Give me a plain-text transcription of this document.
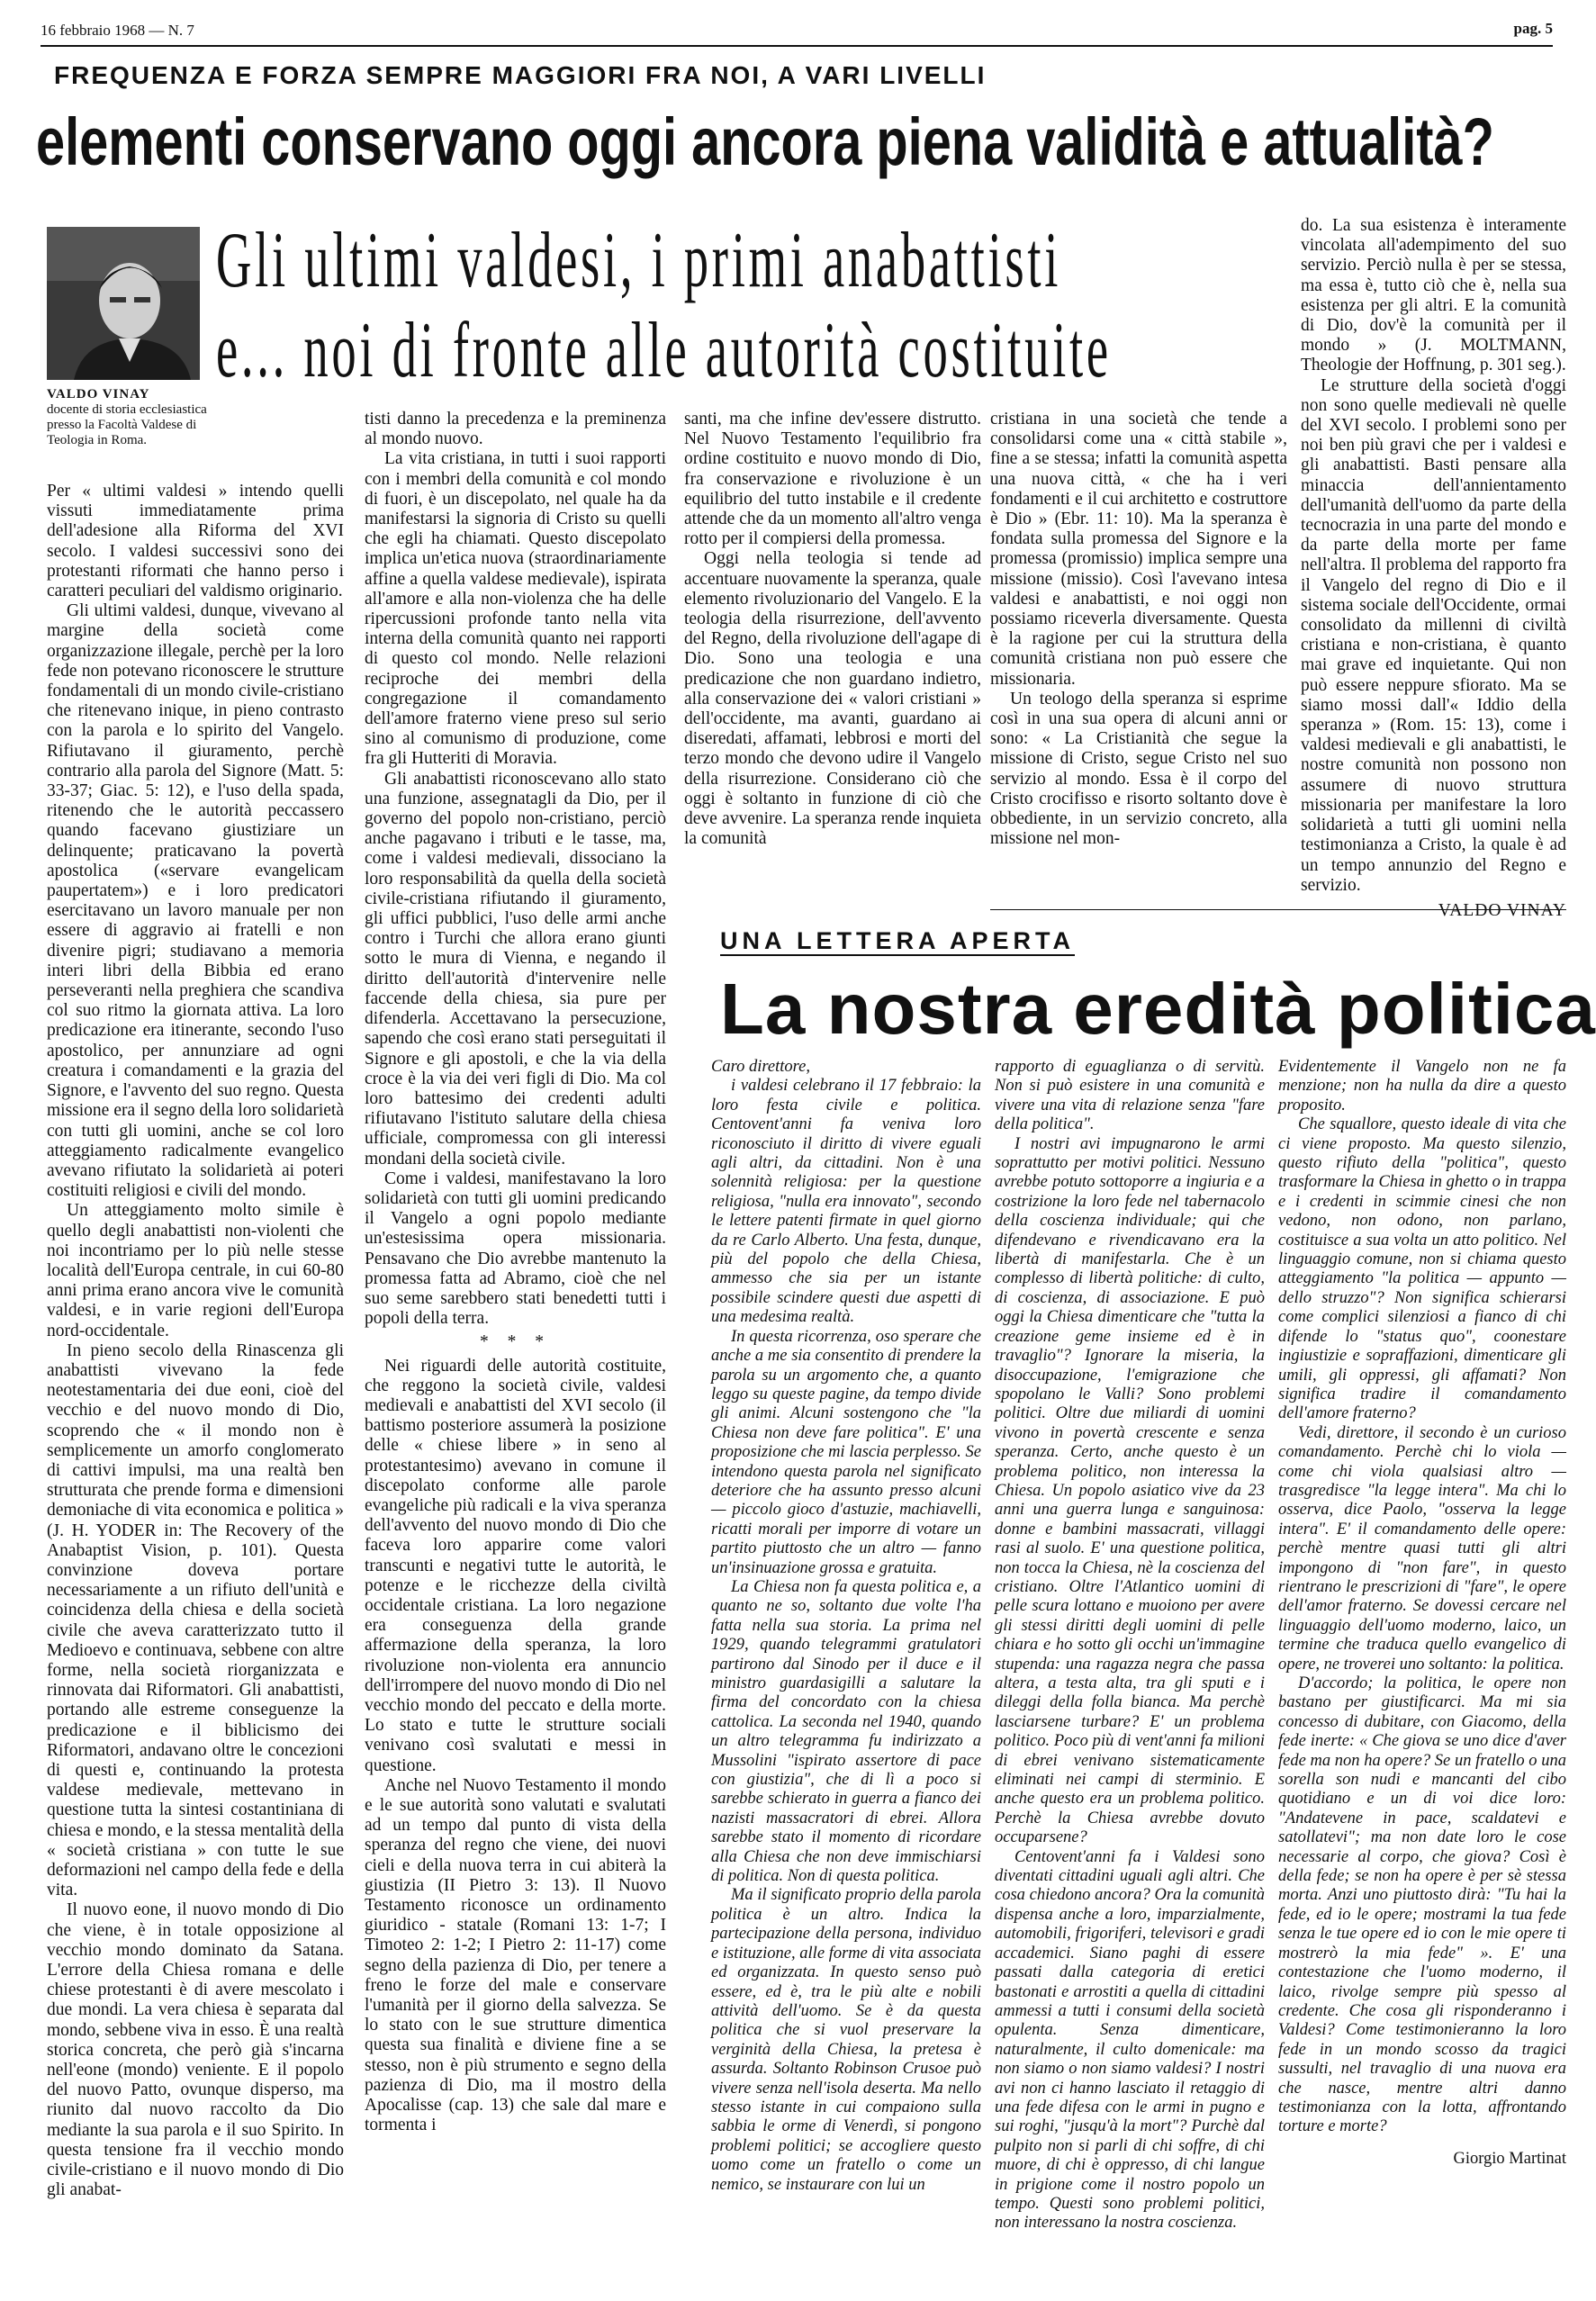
16 febbraio 1968 — N. 7	pag. 5
FREQUENZA E FORZA SEMPRE MAGGIORI FRA NOI, A VARI LIVELLI
elementi conservano oggi ancora piena validità e attualità?
VALDO VINAY
docente di storia ecclesiastica presso la Facoltà Valdese di Teologia in Roma.
Gli ultimi valdesi, i primi anabattisti
e... noi di fronte alle autorità costituite

Per « ultimi valdesi » intendo quelli vissuti immediatamente prima dell'adesione alla Riforma del XVI secolo. I valdesi successivi sono dei protestanti riformati che hanno perso i caratteri peculiari del valdismo originario.

Gli ultimi valdesi, dunque, vivevano al margine della società come organizzazione illegale, perchè per la loro fede non potevano riconoscere le strutture fondamentali di un mondo civile-cristiano che ritenevano inique, in pieno contrasto con la parola e lo spirito del Vangelo. Rifiutavano il giuramento, perchè contrario alla parola del Signore (Matt. 5: 33-37; Giac. 5: 12), e l'uso della spada, ritenendo che le autorità peccassero quando facevano giustiziare un delinquente; praticavano la povertà apostolica («servare evangelicam paupertatem») e i loro predicatori esercitavano un lavoro manuale per non essere di aggravio ai fratelli e non divenire pigri; studiavano a memoria interi libri della Bibbia ed erano perseveranti nella preghiera che scandiva col suo ritmo la giornata attiva. La loro predicazione era itinerante, secondo l'uso apostolico, per annunziare ad ogni creatura i comandamenti e la grazia del Signore, e l'avvento del suo regno. Questa missione era il segno della loro solidarietà con tutti gli uomini, anche se col loro atteggiamento radicalmente evangelico avevano rifiutato la solidarietà ai poteri costituiti religiosi e civili del mondo.

Un atteggiamento molto simile è quello degli anabattisti non-violenti che noi incontriamo per lo più nelle stesse località dell'Europa centrale, in cui 60-80 anni prima erano ancora vive le comunità valdesi, e in varie regioni dell'Europa nord-occidentale.

In pieno secolo della Rinascenza gli anabattisti vivevano la fede neotestamentaria dei due eoni, cioè del vecchio e del nuovo mondo di Dio, scoprendo che « il mondo non è semplicemente un amorfo conglomerato di cattivi impulsi, ma una realtà ben strutturata che prende forma e dimensioni demoniache di vita economica e politica » (J. H. YODER in: The Recovery of the Anabaptist Vision, p. 101). Questa convinzione doveva portare necessariamente a un rifiuto dell'unità e coincidenza della chiesa e della società civile che aveva caratterizzato tutto il Medioevo e continuava, sebbene con altre forme, nella società riorganizzata e rinnovata dai Riformatori. Gli anabattisti, portando alle estreme conseguenze la predicazione e il biblicismo dei Riformatori, andavano oltre le concezioni di questi e, continuando la protesta valdese medievale, mettevano in questione tutta la sintesi costantiniana di chiesa e mondo, e la stessa mentalità della « società cristiana » con tutte le sue deformazioni nel campo della fede e della vita.

Il nuovo eone, il nuovo mondo di Dio che viene, è in totale opposizione al vecchio mondo dominato da Satana. L'errore della Chiesa romana e delle chiese protestanti è di avere mescolato i due mondi. La vera chiesa è separata dal mondo, sebbene viva in esso. È una realtà storica concreta, che però già s'incarna nell'eone (mondo) veniente. E il popolo del nuovo Patto, ovunque disperso, ma riunito dal nuovo raccolto da Dio mediante la sua parola e il suo Spirito. In questa tensione fra il vecchio mondo civile-cristiano e il nuovo mondo di Dio gli anabat-

tisti danno la precedenza e la preminenza al mondo nuovo.

La vita cristiana, in tutti i suoi rapporti con i membri della comunità e col mondo di fuori, è un discepolato, nel quale ha da manifestarsi la signoria di Cristo su quelli che egli ha chiamati. Questo discepolato implica un'etica nuova (straordinariamente affine a quella valdese medievale), ispirata all'amore e alla non-violenza che ha delle ripercussioni profonde tanto nella vita interna della comunità quanto nei rapporti di questo col mondo. Nelle relazioni reciproche dei membri della congregazione il comandamento dell'amore fraterno viene preso sul serio sino al comunismo di produzione, come fra gli Hutteriti di Moravia.

Gli anabattisti riconoscevano allo stato una funzione, assegnatagli da Dio, per il governo del popolo non-cristiano, perciò anche pagavano i tributi e le tasse, ma, come i valdesi medievali, dissociano la loro responsabilità da quella della società civile-cristiana rifiutando il giuramento, gli uffici pubblici, l'uso delle armi anche contro i Turchi che allora erano giunti sotto le mura di Vienna, e negando il diritto dell'autorità d'intervenire nelle faccende della chiesa, sia pure per difenderla. Accettavano la persecuzione, sapendo che così erano stati perseguitati il Signore e gli apostoli, e che la via della croce è la via dei veri figli di Dio. Ma col loro battesimo dei credenti adulti rifiutavano l'istituto salutare della chiesa ufficiale, compromessa con gli interessi mondani della società civile.

Come i valdesi, manifestavano la loro solidarietà con tutti gli uomini predicando il Vangelo a ogni popolo mediante un'estesissima opera missionaria. Pensavano che Dio avrebbe mantenuto la promessa fatta ad Abramo, cioè che nel suo seme sarebbero stati benedetti tutti i popoli della terra.

* * *

Nei riguardi delle autorità costituite, che reggono la società civile, valdesi medievali e anabattisti del XVI secolo (il battismo posteriore assumerà la posizione delle « chiese libere » in seno al protestantesimo) avevano in comune il discepolato conforme alle parole evangeliche più radicali e la viva speranza dell'avvento del nuovo mondo di Dio che faceva loro apparire come valori transcunti e negativi tutte le autorità, le potenze e le ricchezze della civiltà occidentale cristiana. La loro negazione era conseguenza della grande affermazione della speranza, la loro rivoluzione non-violenta era annuncio dell'irrompere del nuovo mondo di Dio nel vecchio mondo del peccato e della morte. Lo stato e tutte le strutture sociali venivano così svalutati e messi in questione.

Anche nel Nuovo Testamento il mondo e le sue autorità sono valutati e svalutati ad un tempo dal punto di vista della speranza del regno che viene, dei nuovi cieli e della nuova terra in cui abiterà la giustizia (II Pietro 3: 13). Il Nuovo Testamento riconosce un ordinamento giuridico - statale (Romani 13: 1-7; I Timoteo 2: 1-2; I Pietro 2: 11-17) come segno della pazienza di Dio, per tenere a freno le forze del male e conservare l'umanità per il giorno della salvezza. Se lo stato con le sue strutture dimentica questa sua finalità e diviene fine a se stesso, non è più strumento e segno della pazienza di Dio, ma il mostro della Apocalisse (cap. 13) che sale dal mare e tormenta i

santi, ma che infine dev'essere distrutto. Nel Nuovo Testamento l'equilibrio fra ordine costituito e nuovo mondo di Dio, fra conservazione e rivoluzione è un equilibrio del tutto instabile e il credente attende che da un momento all'altro venga rotto per il compiersi della promessa.

Oggi nella teologia si tende ad accentuare nuovamente la speranza, quale elemento rivoluzionario del Vangelo. E la teologia della risurrezione, dell'avvento del Regno, della rivoluzione dell'agape di Dio. Sono una teologia e una predicazione che non guardano indietro, alla conservazione dei « valori cristiani » dell'occidente, ma avanti, guardano ai diseredati, affamati, lebbrosi e morti del terzo mondo che devono udire il Vangelo della risurrezione. Considerano ciò che oggi è soltanto in funzione di ciò che deve avvenire. La speranza rende inquieta la comunità

cristiana in una società che tende a consolidarsi come una « città stabile », fine a se stessa; infatti la comunità aspetta una nuova città, « che ha i veri fondamenti e il cui architetto e costruttore è Dio » (Ebr. 11: 10). Ma la speranza è fondata sulla promessa del Signore e la promessa (promissio) implica sempre una missione (missio). Così l'avevano intesa valdesi e anabattisti, e noi oggi non possiamo riceverla diversamente. Questa è la ragione per cui la struttura della comunità cristiana non può essere che missionaria.

Un teologo della speranza si esprime così in una sua opera di alcuni anni or sono: « La Cristianità che segue la missione di Cristo, segue Cristo nel suo servizio al mondo. Essa è il corpo del Cristo crocifisso e risorto soltanto dove è obbediente, in un servizio concreto, alla missione nel mon-

do. La sua esistenza è interamente vincolata all'adempimento del suo servizio. Perciò nulla è per se stessa, ma essa è, tutto ciò che è, nella sua esistenza per gli altri. E la comunità di Dio, dov'è la comunità per il mondo » (J. MOLTMANN, Theologie der Hoffnung, p. 301 seg.).

Le strutture della società d'oggi non sono quelle medievali nè quelle del XVI secolo. I problemi sono per noi ben più gravi che per i valdesi e gli anabattisti. Basti pensare alla minaccia dell'annientamento dell'umanità dell'uomo da parte della tecnocrazia in una parte del mondo e da parte della morte per fame nell'altra. Il problema del rapporto fra il Vangelo del regno di Dio e il sistema sociale dell'Occidente, ormai consolidato da millenni di civiltà cristiana e non-cristiana, è quanto mai grave ed inquietante. Qui non può essere neppure sfiorato. Ma se siamo mossi dall'« Iddio della speranza » (Rom. 15: 13), come i valdesi medievali e gli anabattisti, le nostre comunità non possono non assumere di nuovo struttura missionaria per manifestare la loro solidarietà a tutti gli uomini nella testimonianza a Cristo, la quale è ad un tempo annunzio del Regno e servizio.

VALDO VINAY
UNA LETTERA APERTA
La nostra eredità politica

Caro direttore,

i valdesi celebrano il 17 febbraio: la loro festa civile e politica. Centovent'anni fa veniva loro riconosciuto il diritto di vivere eguali agli altri, da cittadini. Non è una solennità religiosa: per la questione religiosa, "nulla era innovato", secondo le lettere patenti firmate in quel giorno da re Carlo Alberto. Una festa, dunque, più del popolo che della Chiesa, ammesso che sia per un istante possibile scindere questi due aspetti di una medesima realtà.

In questa ricorrenza, oso sperare che anche a me sia consentito di prendere la parola su un argomento che, a quanto leggo su queste pagine, da tempo divide gli animi. Alcuni sostengono che "la Chiesa non deve fare politica". E' una proposizione che mi lascia perplesso. Se intendono questa parola nel significato deteriore che ha assunto presso alcuni — piccolo gioco d'astuzie, machiavelli, ricatti morali per imporre di votare un partito piuttosto che un altro — fanno un'insinuazione grossa e gratuita.

La Chiesa non fa questa politica e, a quanto ne so, soltanto due volte l'ha fatta nella sua storia. La prima nel 1929, quando telegrammi gratulatori partirono dal Sinodo per il duce e il ministro guardasigilli a salutare la firma del concordato con la chiesa cattolica. La seconda nel 1940, quando un altro telegramma fu indirizzato a Mussolini "ispirato assertore di pace con giustizia", che di lì a poco si sarebbe schierato in guerra a fianco dei nazisti massacratori di ebrei. Allora sarebbe stato il momento di ricordare alla Chiesa che non deve immischiarsi di politica. Non di questa politica.

Ma il significato proprio della parola politica è un altro. Indica la partecipazione della persona, individuo e istituzione, alle forme di vita associata ed organizzata. In questo senso può essere, ed è, tra le più alte e nobili attività dell'uomo. Se è da questa politica che si vuol preservare la verginità della Chiesa, la pretesa è assurda. Soltanto Robinson Crusoe può vivere senza nell'isola deserta. Ma nello stesso istante in cui compaiono sulla sabbia le orme di Venerdì, si pongono problemi politici; se accogliere questo uomo come un fratello o come un nemico, se instaurare con lui un

rapporto di eguaglianza o di servitù. Non si può esistere in una comunità e vivere una vita di relazione senza "fare della politica".

I nostri avi impugnarono le armi soprattutto per motivi politici. Nessuno avrebbe potuto sottoporre a ingiuria e a costrizione la loro fede nel tabernacolo della coscienza individuale; qui che difendevano e rivendicavano era la libertà di manifestarla. Che è un complesso di libertà politiche: di culto, di coscienza, di associazione. E può oggi la Chiesa dimenticare che "tutta la creazione geme insieme ed è in travaglio"? Ignorare la miseria, la disoccupazione, l'emigrazione che spopolano le Valli? Sono problemi politici. Oltre due miliardi di uomini vivono in povertà crescente e senza speranza. Certo, anche questo è un problema politico, non interessa la Chiesa. Un popolo asiatico vive da 23 anni una guerra lunga e sanguinosa: donne e bambini massacrati, villaggi rasi al suolo. E' una questione politica, non tocca la Chiesa, nè la coscienza del cristiano. Oltre l'Atlantico uomini di pelle scura lottano e muoiono per avere gli stessi diritti degli uomini di pelle chiara e ho sotto gli occhi un'immagine stupenda: una ragazza negra che passa altera, a testa alta, tra gli sputi e i dileggi della folla bianca. Ma perchè lasciarsene turbare? E' un problema politico. Poco più di vent'anni fa milioni di ebrei venivano sistematicamente eliminati nei campi di sterminio. E anche questo era un problema politico. Perchè la Chiesa avrebbe dovuto occuparsene?

Centovent'anni fa i Valdesi sono diventati cittadini uguali agli altri. Che cosa chiedono ancora? Ora la comunità dispensa anche a loro, imparzialmente, automobili, frigoriferi, televisori e gradi accademici. Siano paghi di essere passati dalla categoria di eretici bastonati e arrostiti a quella di cittadini ammessi a tutti i consumi della società opulenta. Senza dimenticare, naturalmente, il culto domenicale: ma non siamo o non siamo valdesi? I nostri avi non ci hanno lasciato il retaggio di una fede difesa con le armi in pugno e sui roghi, "jusqu'à la mort"? Purchè dal pulpito non si parli di chi soffre, di chi muore, di chi è oppresso, di chi langue in prigione come il nostro popolo un tempo. Questi sono problemi politici, non interessano la nostra coscienza.

Evidentemente il Vangelo non ne fa menzione; non ha nulla da dire a questo proposito.

Che squallore, questo ideale di vita che ci viene proposto. Ma questo silenzio, questo rifiuto della "politica", questo trasformare la Chiesa in ghetto o in trappa e i credenti in scimmie cinesi che non vedono, non odono, non parlano, costituisce a sua volta un atto politico. Nel linguaggio comune, non si chiama questo atteggiamento "la politica — appunto — dello struzzo"? Non significa schierarsi come complici silenziosi a fianco di chi difende lo "status quo", coonestare ingiustizie e sopraffazioni, dimenticare gli umili, gli oppressi, gli affamati? Non significa tradire il comandamento dell'amore fraterno?

Vedi, direttore, il secondo è un curioso comandamento. Perchè chi lo viola — come chi viola qualsiasi altro — trasgredisce "la legge intera". Ma chi lo osserva, dice Paolo, "osserva la legge intera". E' il comandamento delle opere: perchè mentre quasi tutti gli altri impongono di "non fare", in questo rientrano le prescrizioni di "fare", le opere dell'amor fraterno. Se dovessi cercare nel linguaggio dell'uomo moderno, laico, un termine che traduca quello evangelico di opere, ne troverei uno soltanto: la politica.

D'accordo; la politica, le opere non bastano per giustificarci. Ma mi sia concesso di dubitare, con Giacomo, della fede inerte: « Che giova se uno dice d'aver fede ma non ha opere? Se un fratello o una sorella son nudi e mancanti del cibo quotidiano e un di voi dice loro: "Andatevene in pace, scaldatevi e satollatevi"; ma non date loro le cose necessarie al corpo, che giova? Così è della fede; se non ha opere è per sè stessa morta. Anzi uno piuttosto dirà: "Tu hai la fede, ed io le opere; mostrami la tua fede senza le tue opere ed io con le mie opere ti mostrerò la mia fede" ». E' una contestazione che l'uomo moderno, il laico, rivolge sempre più spesso al credente. Che cosa gli risponderanno i Valdesi? Come testimonieranno la loro fede in un mondo scosso da tragici sussulti, nel travaglio di una nuova era che nasce, mentre altri danno testimonianza con la lotta, affrontando torture e morte?

Giorgio Martinat
